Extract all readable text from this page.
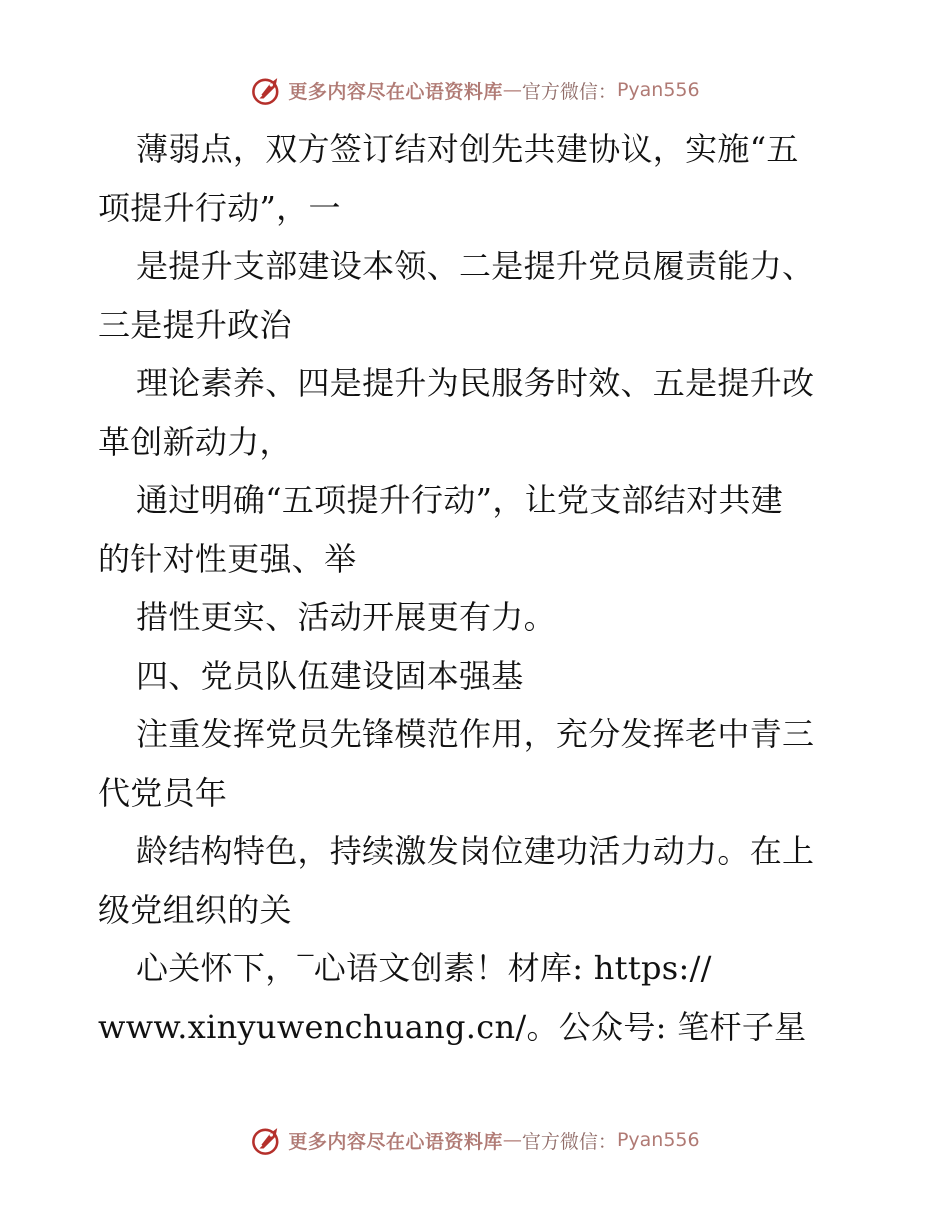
更多内容尽在心语资料库 — 官方微信： Pyan556
薄弱点，双方签订结对创先共建协议，实施“五
项提升行动”，一
是提升支部建设本领、二是提升党员履责能力、
三是提升政治
理论素养、四是提升为民服务时效、五是提升改
革创新动力，
通过明确“五项提升行动”，让党支部结对共建
的针对性更强、举
措性更实、活动开展更有力。
四、党员队伍建设固本强基
注重发挥党员先锋模范作用，充分发挥老中青三
代党员年
龄结构特色，持续激发岗位建功活力动力。在上
级党组织的关
心关怀下，‾心语文创素！材库: https://
www.xinyuwenchuang.cn/。公众号: 笔杆子星
更多内容尽在心语资料库 — 官方微信： Pyan556
